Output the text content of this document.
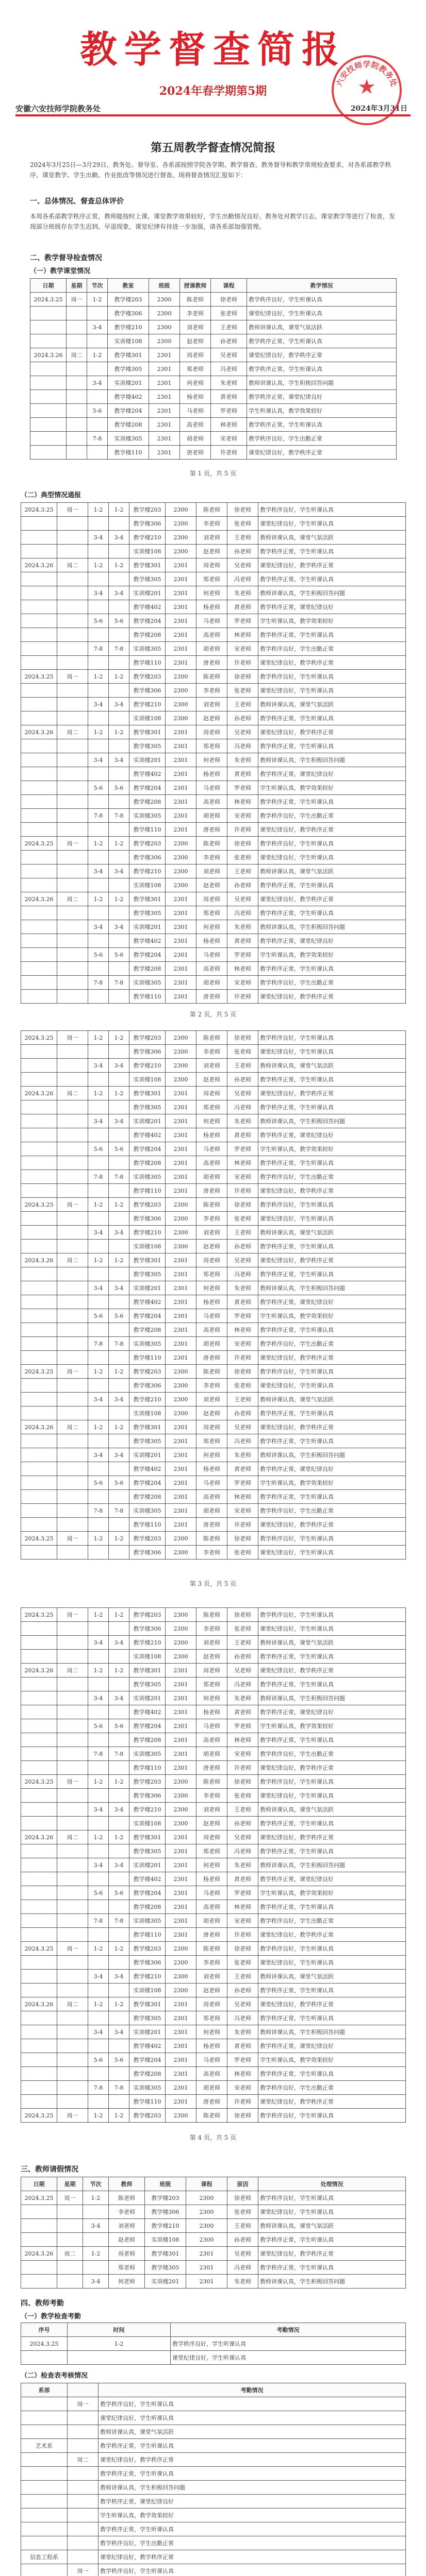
教学督查简报
2024年春学期第5期
安徽六安技师学院教务处	2024年3月31日
★
六安技师学院教务处
第五周教学督查情况简报
2024年3月25日—3月29日，教务处、督导室、各系部按照学院各学期、教学督查、教务督导和教学常规检查要求，对各系部教学秩序、课堂教学、学生出勤、作业批改等情况进行督查。现将督查情况汇报如下：
一、总体情况、督查总体评价
本周各系部教学秩序正常，教师能按时上课，课堂教学效果较好，学生出勤情况良好。教务处对教学日志、课堂教学等进行了检查，发现部分班级存在学生迟到、早退现象，课堂纪律有待进一步加强，请各系部加强管理。
二、教学督导检查情况
（一）教学课堂情况
日期	星期	节次	教室	班级	授课教师	课程	教学情况
2024.3.25	周一	1-2	教学楼203	2300	陈老师	徐老师	教学秩序良好，学生听课认真
			教学楼306	2300	李老师	张老师	课堂纪律良好，学生听课认真
		3-4	教学楼210	2300	刘老师	王老师	教师讲课认真，课堂气氛活跃
			实训楼108	2300	赵老师	孙老师	教学秩序正常，学生听课认真
2024.3.26	周二	1-2	教学楼301	2301	周老师	吴老师	课堂纪律良好，教学秩序正常
			教学楼305	2301	郑老师	冯老师	教学秩序正常，学生听课认真
		3-4	实训楼201	2301	何老师	朱老师	教师讲课认真，学生积极回答问题
			教学楼402	2301	杨老师	黄老师	教学秩序正常，课堂纪律良好
		5-6	教学楼204	2301	马老师	罗老师	学生听课认真，教学效果较好
			教学楼208	2301	高老师	林老师	教学秩序正常，学生听课认真
		7-8	实训楼305	2301	胡老师	宋老师	教学秩序良好，学生出勤正常
			教学楼110	2301	唐老师	许老师	课堂纪律良好，教学秩序正常
第 1 页，共 5 页
（二）典型情况通报
2024.3.25	周一	1-2	1-2	教学楼203	2300	陈老师	徐老师	教学秩序良好，学生听课认真
				教学楼306	2300	李老师	张老师	课堂纪律良好，学生听课认真
		3-4	3-4	教学楼210	2300	刘老师	王老师	教师讲课认真，课堂气氛活跃
				实训楼108	2300	赵老师	孙老师	教学秩序正常，学生听课认真
2024.3.26	周二	1-2	1-2	教学楼301	2301	周老师	吴老师	课堂纪律良好，教学秩序正常
				教学楼305	2301	郑老师	冯老师	教学秩序正常，学生听课认真
		3-4	3-4	实训楼201	2301	何老师	朱老师	教师讲课认真，学生积极回答问题
				教学楼402	2301	杨老师	黄老师	教学秩序正常，课堂纪律良好
		5-6	5-6	教学楼204	2301	马老师	罗老师	学生听课认真，教学效果较好
				教学楼208	2301	高老师	林老师	教学秩序正常，学生听课认真
		7-8	7-8	实训楼305	2301	胡老师	宋老师	教学秩序良好，学生出勤正常
				教学楼110	2301	唐老师	许老师	课堂纪律良好，教学秩序正常
2024.3.25	周一	1-2	1-2	教学楼203	2300	陈老师	徐老师	教学秩序良好，学生听课认真
				教学楼306	2300	李老师	张老师	课堂纪律良好，学生听课认真
		3-4	3-4	教学楼210	2300	刘老师	王老师	教师讲课认真，课堂气氛活跃
				实训楼108	2300	赵老师	孙老师	教学秩序正常，学生听课认真
2024.3.26	周二	1-2	1-2	教学楼301	2301	周老师	吴老师	课堂纪律良好，教学秩序正常
				教学楼305	2301	郑老师	冯老师	教学秩序正常，学生听课认真
		3-4	3-4	实训楼201	2301	何老师	朱老师	教师讲课认真，学生积极回答问题
				教学楼402	2301	杨老师	黄老师	教学秩序正常，课堂纪律良好
		5-6	5-6	教学楼204	2301	马老师	罗老师	学生听课认真，教学效果较好
				教学楼208	2301	高老师	林老师	教学秩序正常，学生听课认真
		7-8	7-8	实训楼305	2301	胡老师	宋老师	教学秩序良好，学生出勤正常
				教学楼110	2301	唐老师	许老师	课堂纪律良好，教学秩序正常
2024.3.25	周一	1-2	1-2	教学楼203	2300	陈老师	徐老师	教学秩序良好，学生听课认真
				教学楼306	2300	李老师	张老师	课堂纪律良好，学生听课认真
		3-4	3-4	教学楼210	2300	刘老师	王老师	教师讲课认真，课堂气氛活跃
				实训楼108	2300	赵老师	孙老师	教学秩序正常，学生听课认真
2024.3.26	周二	1-2	1-2	教学楼301	2301	周老师	吴老师	课堂纪律良好，教学秩序正常
				教学楼305	2301	郑老师	冯老师	教学秩序正常，学生听课认真
		3-4	3-4	实训楼201	2301	何老师	朱老师	教师讲课认真，学生积极回答问题
				教学楼402	2301	杨老师	黄老师	教学秩序正常，课堂纪律良好
		5-6	5-6	教学楼204	2301	马老师	罗老师	学生听课认真，教学效果较好
				教学楼208	2301	高老师	林老师	教学秩序正常，学生听课认真
		7-8	7-8	实训楼305	2301	胡老师	宋老师	教学秩序良好，学生出勤正常
				教学楼110	2301	唐老师	许老师	课堂纪律良好，教学秩序正常
第 2 页，共 5 页
2024.3.25	周一	1-2	1-2	教学楼203	2300	陈老师	徐老师	教学秩序良好，学生听课认真
				教学楼306	2300	李老师	张老师	课堂纪律良好，学生听课认真
		3-4	3-4	教学楼210	2300	刘老师	王老师	教师讲课认真，课堂气氛活跃
				实训楼108	2300	赵老师	孙老师	教学秩序正常，学生听课认真
2024.3.26	周二	1-2	1-2	教学楼301	2301	周老师	吴老师	课堂纪律良好，教学秩序正常
				教学楼305	2301	郑老师	冯老师	教学秩序正常，学生听课认真
		3-4	3-4	实训楼201	2301	何老师	朱老师	教师讲课认真，学生积极回答问题
				教学楼402	2301	杨老师	黄老师	教学秩序正常，课堂纪律良好
		5-6	5-6	教学楼204	2301	马老师	罗老师	学生听课认真，教学效果较好
				教学楼208	2301	高老师	林老师	教学秩序正常，学生听课认真
		7-8	7-8	实训楼305	2301	胡老师	宋老师	教学秩序良好，学生出勤正常
				教学楼110	2301	唐老师	许老师	课堂纪律良好，教学秩序正常
2024.3.25	周一	1-2	1-2	教学楼203	2300	陈老师	徐老师	教学秩序良好，学生听课认真
				教学楼306	2300	李老师	张老师	课堂纪律良好，学生听课认真
		3-4	3-4	教学楼210	2300	刘老师	王老师	教师讲课认真，课堂气氛活跃
				实训楼108	2300	赵老师	孙老师	教学秩序正常，学生听课认真
2024.3.26	周二	1-2	1-2	教学楼301	2301	周老师	吴老师	课堂纪律良好，教学秩序正常
				教学楼305	2301	郑老师	冯老师	教学秩序正常，学生听课认真
		3-4	3-4	实训楼201	2301	何老师	朱老师	教师讲课认真，学生积极回答问题
				教学楼402	2301	杨老师	黄老师	教学秩序正常，课堂纪律良好
		5-6	5-6	教学楼204	2301	马老师	罗老师	学生听课认真，教学效果较好
				教学楼208	2301	高老师	林老师	教学秩序正常，学生听课认真
		7-8	7-8	实训楼305	2301	胡老师	宋老师	教学秩序良好，学生出勤正常
				教学楼110	2301	唐老师	许老师	课堂纪律良好，教学秩序正常
2024.3.25	周一	1-2	1-2	教学楼203	2300	陈老师	徐老师	教学秩序良好，学生听课认真
				教学楼306	2300	李老师	张老师	课堂纪律良好，学生听课认真
		3-4	3-4	教学楼210	2300	刘老师	王老师	教师讲课认真，课堂气氛活跃
				实训楼108	2300	赵老师	孙老师	教学秩序正常，学生听课认真
2024.3.26	周二	1-2	1-2	教学楼301	2301	周老师	吴老师	课堂纪律良好，教学秩序正常
				教学楼305	2301	郑老师	冯老师	教学秩序正常，学生听课认真
		3-4	3-4	实训楼201	2301	何老师	朱老师	教师讲课认真，学生积极回答问题
				教学楼402	2301	杨老师	黄老师	教学秩序正常，课堂纪律良好
		5-6	5-6	教学楼204	2301	马老师	罗老师	学生听课认真，教学效果较好
				教学楼208	2301	高老师	林老师	教学秩序正常，学生听课认真
		7-8	7-8	实训楼305	2301	胡老师	宋老师	教学秩序良好，学生出勤正常
				教学楼110	2301	唐老师	许老师	课堂纪律良好，教学秩序正常
2024.3.25	周一	1-2	1-2	教学楼203	2300	陈老师	徐老师	教学秩序良好，学生听课认真
				教学楼306	2300	李老师	张老师	课堂纪律良好，学生听课认真
第 3 页，共 5 页
2024.3.25	周一	1-2	1-2	教学楼203	2300	陈老师	徐老师	教学秩序良好，学生听课认真
				教学楼306	2300	李老师	张老师	课堂纪律良好，学生听课认真
		3-4	3-4	教学楼210	2300	刘老师	王老师	教师讲课认真，课堂气氛活跃
				实训楼108	2300	赵老师	孙老师	教学秩序正常，学生听课认真
2024.3.26	周二	1-2	1-2	教学楼301	2301	周老师	吴老师	课堂纪律良好，教学秩序正常
				教学楼305	2301	郑老师	冯老师	教学秩序正常，学生听课认真
		3-4	3-4	实训楼201	2301	何老师	朱老师	教师讲课认真，学生积极回答问题
				教学楼402	2301	杨老师	黄老师	教学秩序正常，课堂纪律良好
		5-6	5-6	教学楼204	2301	马老师	罗老师	学生听课认真，教学效果较好
				教学楼208	2301	高老师	林老师	教学秩序正常，学生听课认真
		7-8	7-8	实训楼305	2301	胡老师	宋老师	教学秩序良好，学生出勤正常
				教学楼110	2301	唐老师	许老师	课堂纪律良好，教学秩序正常
2024.3.25	周一	1-2	1-2	教学楼203	2300	陈老师	徐老师	教学秩序良好，学生听课认真
				教学楼306	2300	李老师	张老师	课堂纪律良好，学生听课认真
		3-4	3-4	教学楼210	2300	刘老师	王老师	教师讲课认真，课堂气氛活跃
				实训楼108	2300	赵老师	孙老师	教学秩序正常，学生听课认真
2024.3.26	周二	1-2	1-2	教学楼301	2301	周老师	吴老师	课堂纪律良好，教学秩序正常
				教学楼305	2301	郑老师	冯老师	教学秩序正常，学生听课认真
		3-4	3-4	实训楼201	2301	何老师	朱老师	教师讲课认真，学生积极回答问题
				教学楼402	2301	杨老师	黄老师	教学秩序正常，课堂纪律良好
		5-6	5-6	教学楼204	2301	马老师	罗老师	学生听课认真，教学效果较好
				教学楼208	2301	高老师	林老师	教学秩序正常，学生听课认真
		7-8	7-8	实训楼305	2301	胡老师	宋老师	教学秩序良好，学生出勤正常
				教学楼110	2301	唐老师	许老师	课堂纪律良好，教学秩序正常
2024.3.25	周一	1-2	1-2	教学楼203	2300	陈老师	徐老师	教学秩序良好，学生听课认真
				教学楼306	2300	李老师	张老师	课堂纪律良好，学生听课认真
		3-4	3-4	教学楼210	2300	刘老师	王老师	教师讲课认真，课堂气氛活跃
				实训楼108	2300	赵老师	孙老师	教学秩序正常，学生听课认真
2024.3.26	周二	1-2	1-2	教学楼301	2301	周老师	吴老师	课堂纪律良好，教学秩序正常
				教学楼305	2301	郑老师	冯老师	教学秩序正常，学生听课认真
		3-4	3-4	实训楼201	2301	何老师	朱老师	教师讲课认真，学生积极回答问题
				教学楼402	2301	杨老师	黄老师	教学秩序正常，课堂纪律良好
		5-6	5-6	教学楼204	2301	马老师	罗老师	学生听课认真，教学效果较好
				教学楼208	2301	高老师	林老师	教学秩序正常，学生听课认真
		7-8	7-8	实训楼305	2301	胡老师	宋老师	教学秩序良好，学生出勤正常
				教学楼110	2301	唐老师	许老师	课堂纪律良好，教学秩序正常
2024.3.25	周一	1-2	1-2	教学楼203	2300	陈老师	徐老师	教学秩序良好，学生听课认真
第 4 页，共 5 页
三、教师请假情况
日期	星期	节次	教师	班级	课程	原因	处理情况
2024.3.25	周一	1-2	陈老师	教学楼203	2300	徐老师	教学秩序良好，学生听课认真
			李老师	教学楼306	2300	张老师	课堂纪律良好，学生听课认真
		3-4	刘老师	教学楼210	2300	王老师	教师讲课认真，课堂气氛活跃
			赵老师	实训楼108	2300	孙老师	教学秩序正常，学生听课认真
2024.3.26	周二	1-2	周老师	教学楼301	2301	吴老师	课堂纪律良好，教学秩序正常
			郑老师	教学楼305	2301	冯老师	教学秩序正常，学生听课认真
		3-4	何老师	实训楼201	2301	朱老师	教师讲课认真，学生积极回答问题
四、教师考勤
（一）教学检查考勤
序号	时间	考勤情况
2024.3.25	1-2	教学秩序良好，学生听课认真
		课堂纪律良好，学生听课认真
（二）检查表考核情况
系部		考勤情况
	周一	教学秩序良好，学生听课认真
		课堂纪律良好，学生听课认真
		教师讲课认真，课堂气氛活跃
艺术系		教学秩序正常，学生听课认真
	周二	课堂纪律良好，教学秩序正常
		教学秩序正常，学生听课认真
		教师讲课认真，学生积极回答问题
		教学秩序正常，课堂纪律良好
		学生听课认真，教学效果较好
		教学秩序正常，学生听课认真
		教学秩序良好，学生出勤正常
信息工程系		课堂纪律良好，教学秩序正常
	周一	教学秩序良好，学生听课认真
